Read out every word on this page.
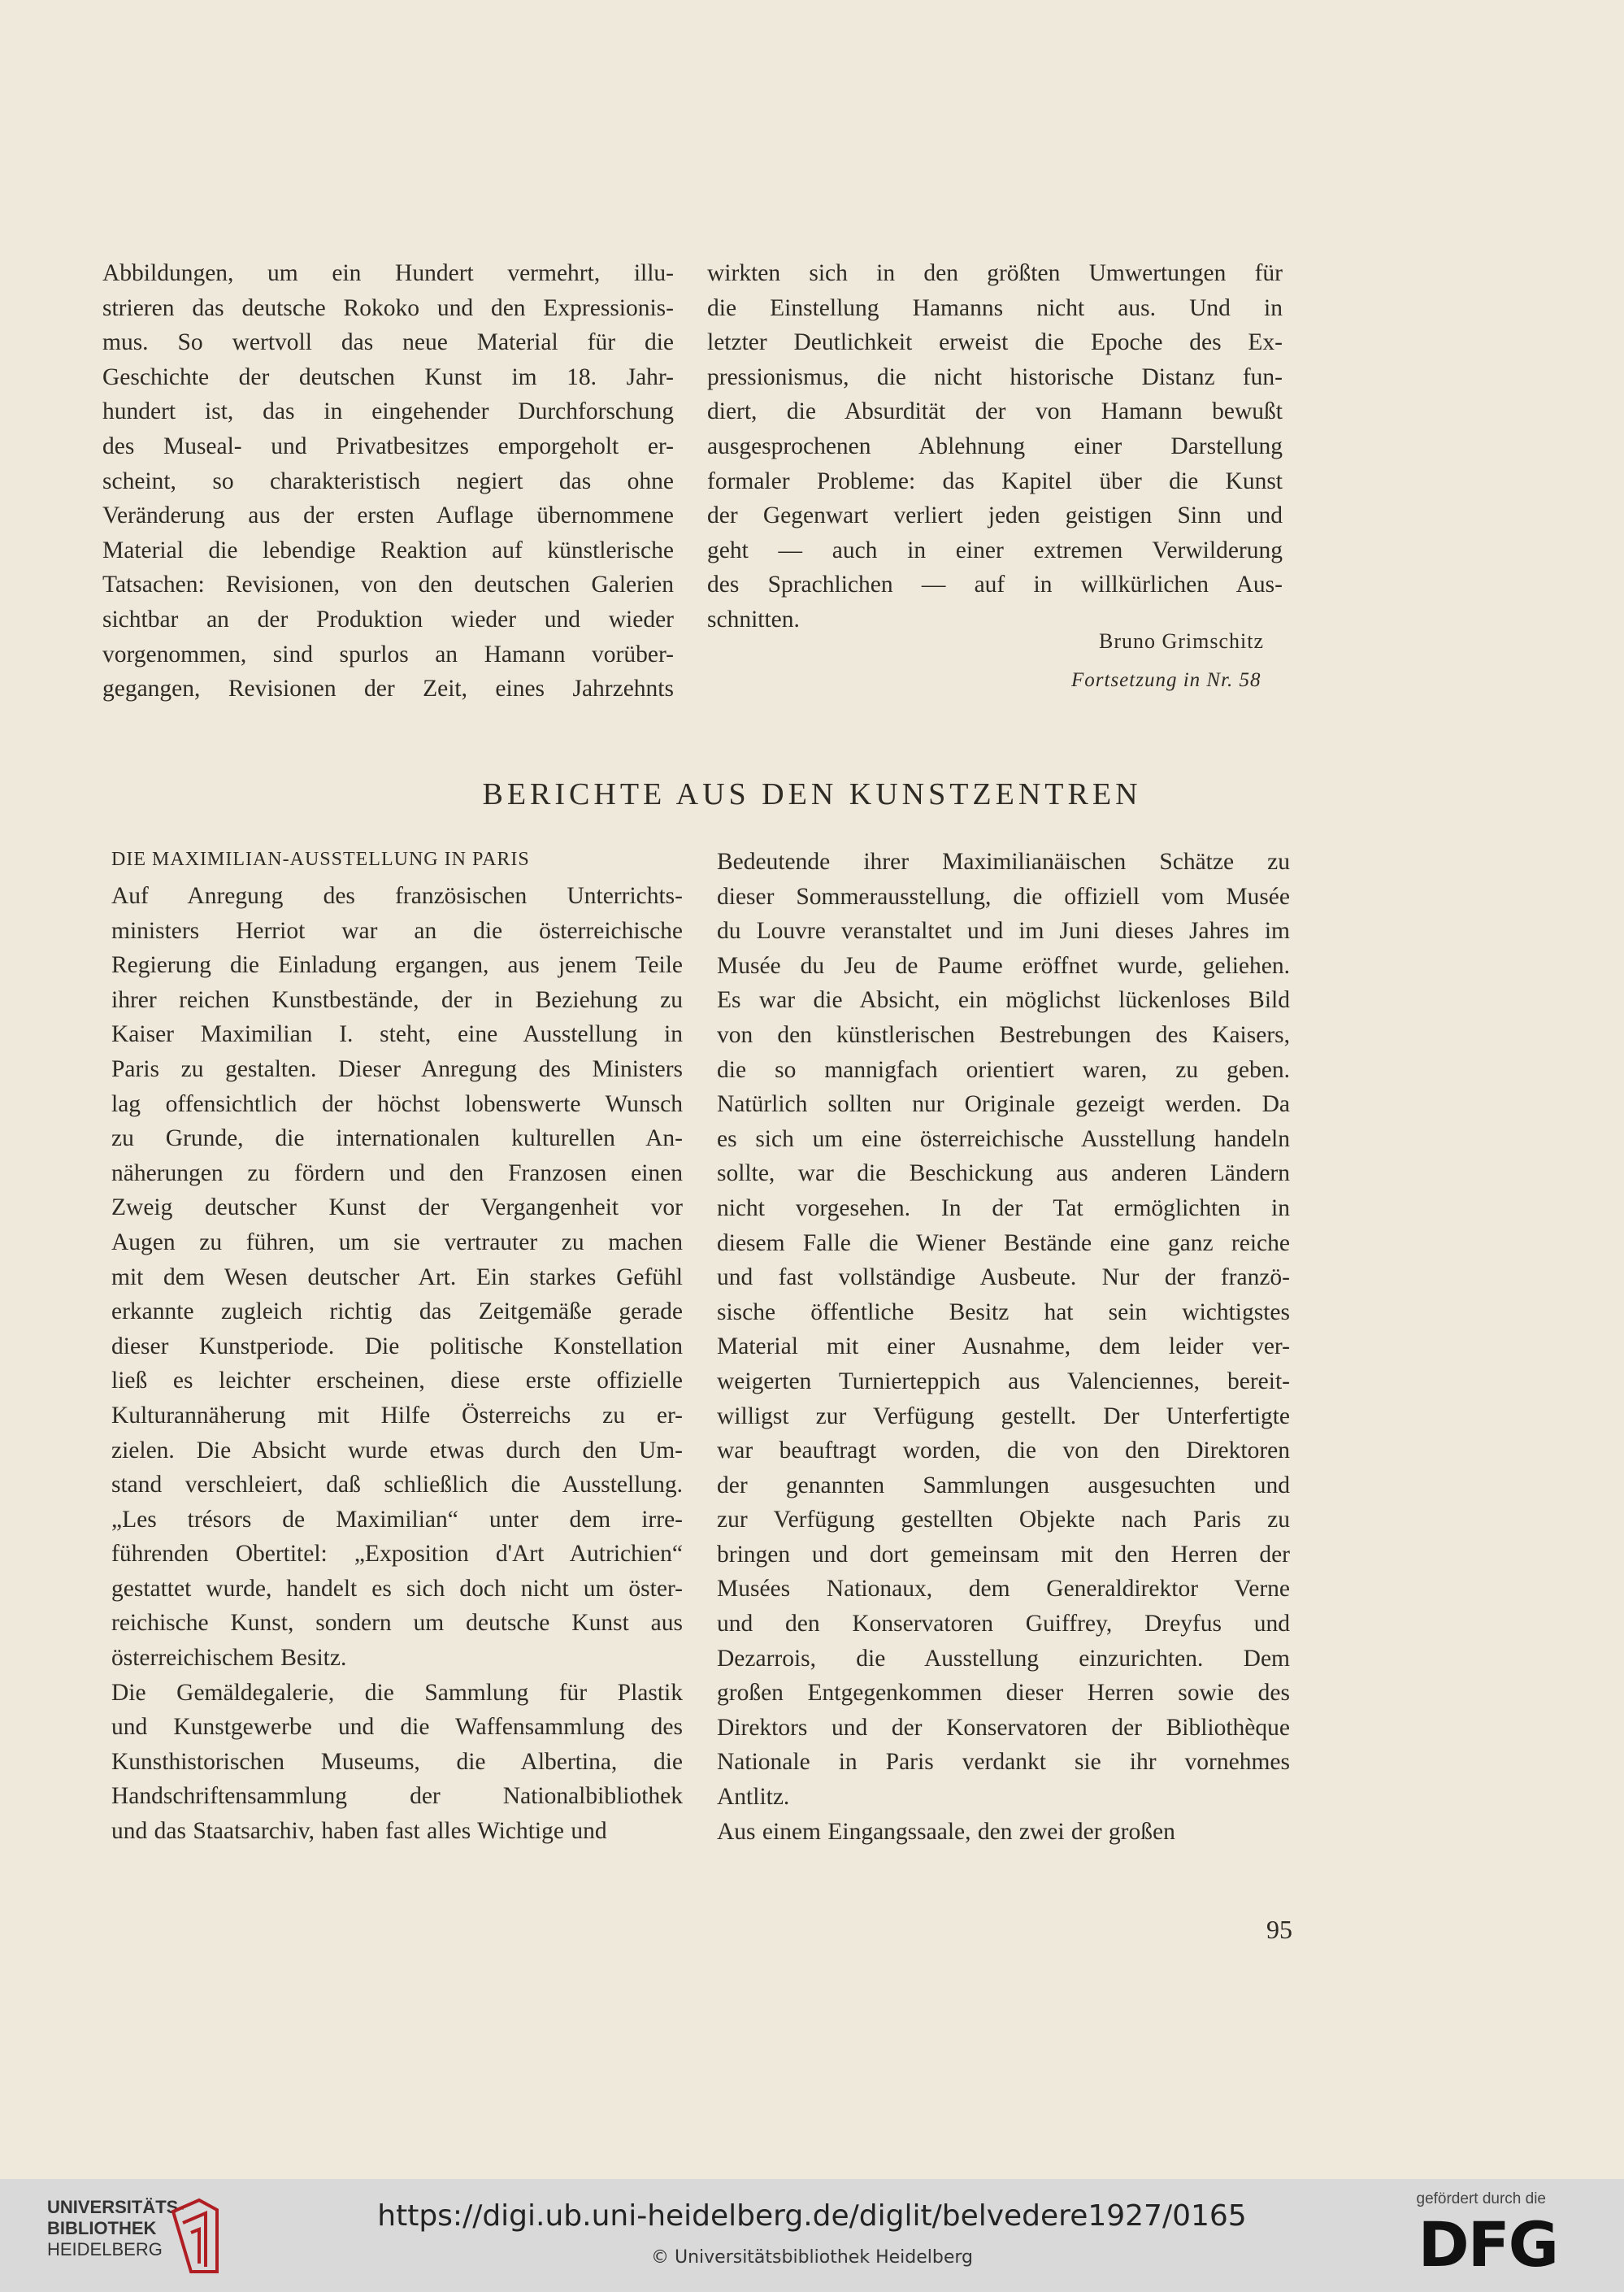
Abbildungen, um ein Hundert vermehrt, illu-
strieren das deutsche Rokoko und den Expressionis-
mus. So wertvoll das neue Material für die
Geschichte der deutschen Kunst im 18. Jahr-
hundert ist, das in eingehender Durchforschung
des Museal- und Privatbesitzes emporgeholt er-
scheint, so charakteristisch negiert das ohne
Veränderung aus der ersten Auflage übernommene
Material die lebendige Reaktion auf künstlerische
Tatsachen: Revisionen, von den deutschen Galerien
sichtbar an der Produktion wieder und wieder
vorgenommen, sind spurlos an Hamann vorüber-
gegangen, Revisionen der Zeit, eines Jahrzehnts
wirkten sich in den größten Umwertungen für
die Einstellung Hamanns nicht aus. Und in
letzter Deutlichkeit erweist die Epoche des Ex-
pressionismus, die nicht historische Distanz fun-
diert, die Absurdität der von Hamann bewußt
ausgesprochenen Ablehnung einer Darstellung
formaler Probleme: das Kapitel über die Kunst
der Gegenwart verliert jeden geistigen Sinn und
geht — auch in einer extremen Verwilderung
des Sprachlichen — auf in willkürlichen Aus-
schnitten.
Bruno Grimschitz
Fortsetzung in Nr. 58
BERICHTE AUS DEN KUNSTZENTREN
DIE MAXIMILIAN-AUSSTELLUNG IN PARIS
Auf Anregung des französischen Unterrichts-
ministers Herriot war an die österreichische
Regierung die Einladung ergangen, aus jenem Teile
ihrer reichen Kunstbestände, der in Beziehung zu
Kaiser Maximilian I. steht, eine Ausstellung in
Paris zu gestalten. Dieser Anregung des Ministers
lag offensichtlich der höchst lobenswerte Wunsch
zu Grunde, die internationalen kulturellen An-
näherungen zu fördern und den Franzosen einen
Zweig deutscher Kunst der Vergangenheit vor
Augen zu führen, um sie vertrauter zu machen
mit dem Wesen deutscher Art. Ein starkes Gefühl
erkannte zugleich richtig das Zeitgemäße gerade
dieser Kunstperiode. Die politische Konstellation
ließ es leichter erscheinen, diese erste offizielle
Kulturannäherung mit Hilfe Österreichs zu er-
zielen. Die Absicht wurde etwas durch den Um-
stand verschleiert, daß schließlich die Ausstellung.
„Les trésors de Maximilian“ unter dem irre-
führenden Obertitel: „Exposition d'Art Autrichien“
gestattet wurde, handelt es sich doch nicht um öster-
reichische Kunst, sondern um deutsche Kunst aus
österreichischem Besitz.
Die Gemäldegalerie, die Sammlung für Plastik
und Kunstgewerbe und die Waffensammlung des
Kunsthistorischen Museums, die Albertina, die
Handschriftensammlung der Nationalbibliothek
und das Staatsarchiv, haben fast alles Wichtige und
Bedeutende ihrer Maximilianäischen Schätze zu
dieser Sommerausstellung, die offiziell vom Musée
du Louvre veranstaltet und im Juni dieses Jahres im
Musée du Jeu de Paume eröffnet wurde, geliehen.
Es war die Absicht, ein möglichst lückenloses Bild
von den künstlerischen Bestrebungen des Kaisers,
die so mannigfach orientiert waren, zu geben.
Natürlich sollten nur Originale gezeigt werden. Da
es sich um eine österreichische Ausstellung handeln
sollte, war die Beschickung aus anderen Ländern
nicht vorgesehen. In der Tat ermöglichten in
diesem Falle die Wiener Bestände eine ganz reiche
und fast vollständige Ausbeute. Nur der franzö-
sische öffentliche Besitz hat sein wichtigstes
Material mit einer Ausnahme, dem leider ver-
weigerten Turnierteppich aus Valenciennes, bereit-
willigst zur Verfügung gestellt. Der Unterfertigte
war beauftragt worden, die von den Direktoren
der genannten Sammlungen ausgesuchten und
zur Verfügung gestellten Objekte nach Paris zu
bringen und dort gemeinsam mit den Herren der
Musées Nationaux, dem Generaldirektor Verne
und den Konservatoren Guiffrey, Dreyfus und
Dezarrois, die Ausstellung einzurichten. Dem
großen Entgegenkommen dieser Herren sowie des
Direktors und der Konservatoren der Bibliothèque
Nationale in Paris verdankt sie ihr vornehmes
Antlitz.
Aus einem Eingangssaale, den zwei der großen
95
UNIVERSITÄTS-
BIBLIOTHEK
HEIDELBERG
https://digi.ub.uni-heidelberg.de/diglit/belvedere1927/0165
© Universitätsbibliothek Heidelberg
gefördert durch die
DFG
